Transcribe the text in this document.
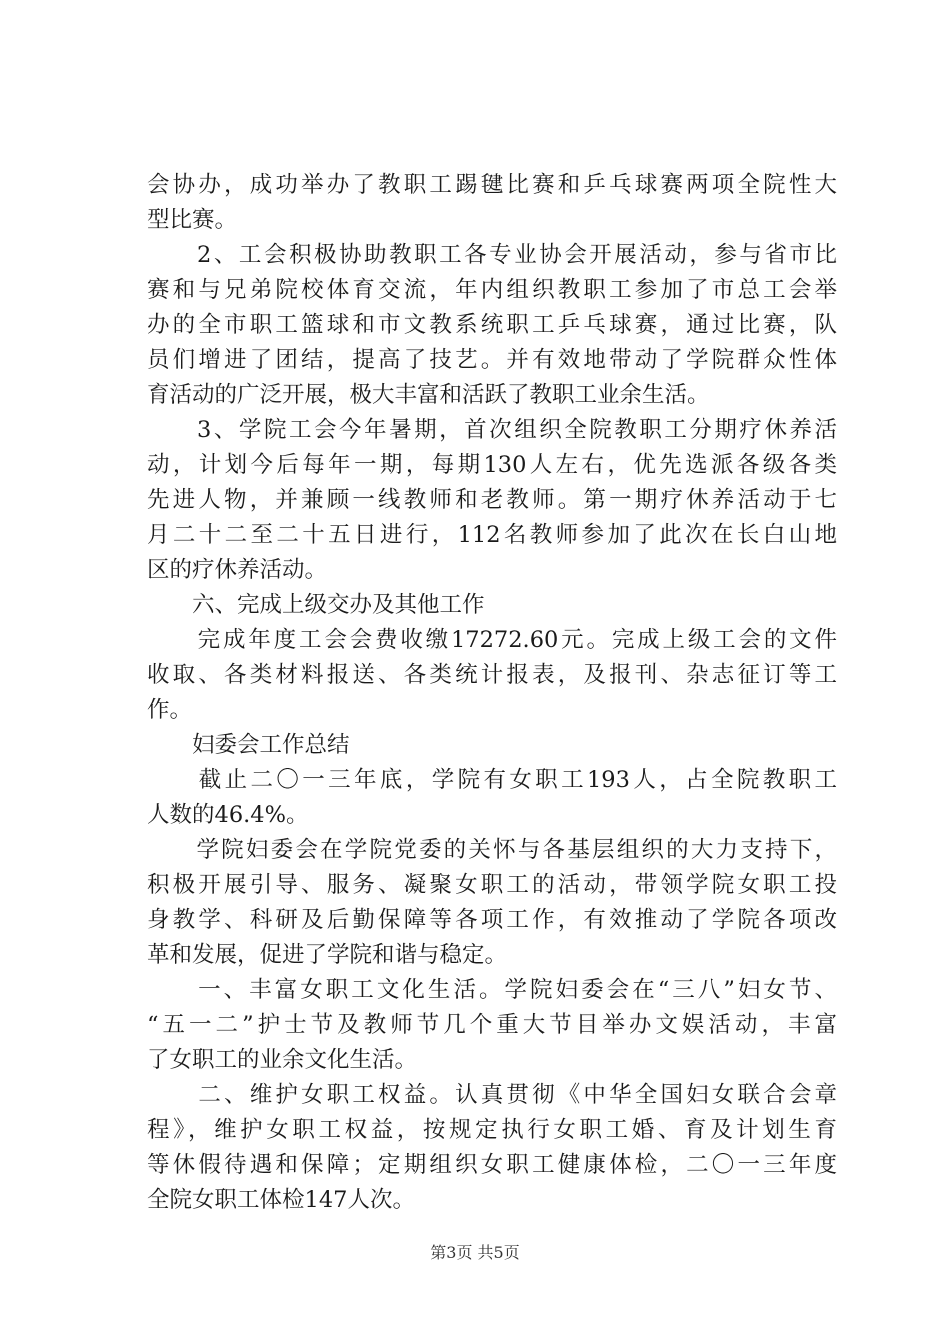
会协办，成功举办了教职工踢毽比赛和乒乓球赛两项全院性大

型比赛。

　　2、工会积极协助教职工各专业协会开展活动，参与省市比

赛和与兄弟院校体育交流，年内组织教职工参加了市总工会举

办的全市职工篮球和市文教系统职工乒乓球赛，通过比赛，队

员们增进了团结，提高了技艺。并有效地带动了学院群众性体

育活动的广泛开展，极大丰富和活跃了教职工业余生活。

　　3、学院工会今年暑期，首次组织全院教职工分期疗休养活

动，计划今后每年一期，每期130人左右，优先选派各级各类

先进人物，并兼顾一线教师和老教师。第一期疗休养活动于七

月二十二至二十五日进行，112名教师参加了此次在长白山地

区的疗休养活动。

　　六、完成上级交办及其他工作

　　完成年度工会会费收缴17272.60元。完成上级工会的文件

收取、各类材料报送、各类统计报表，及报刊、杂志征订等工

作。

　　妇委会工作总结

　　截止二〇一三年底，学院有女职工193人，占全院教职工

人数的46.4%。

　　学院妇委会在学院党委的关怀与各基层组织的大力支持下，

积极开展引导、服务、凝聚女职工的活动，带领学院女职工投

身教学、科研及后勤保障等各项工作，有效推动了学院各项改

革和发展，促进了学院和谐与稳定。

　　一、丰富女职工文化生活。学院妇委会在“三八”妇女节、

“五一二”护士节及教师节几个重大节目举办文娱活动，丰富

了女职工的业余文化生活。

　　二、维护女职工权益。认真贯彻《中华全国妇女联合会章

程》，维护女职工权益，按规定执行女职工婚、育及计划生育

等休假待遇和保障；定期组织女职工健康体检，二〇一三年度

全院女职工体检147人次。

第3页 共5页
